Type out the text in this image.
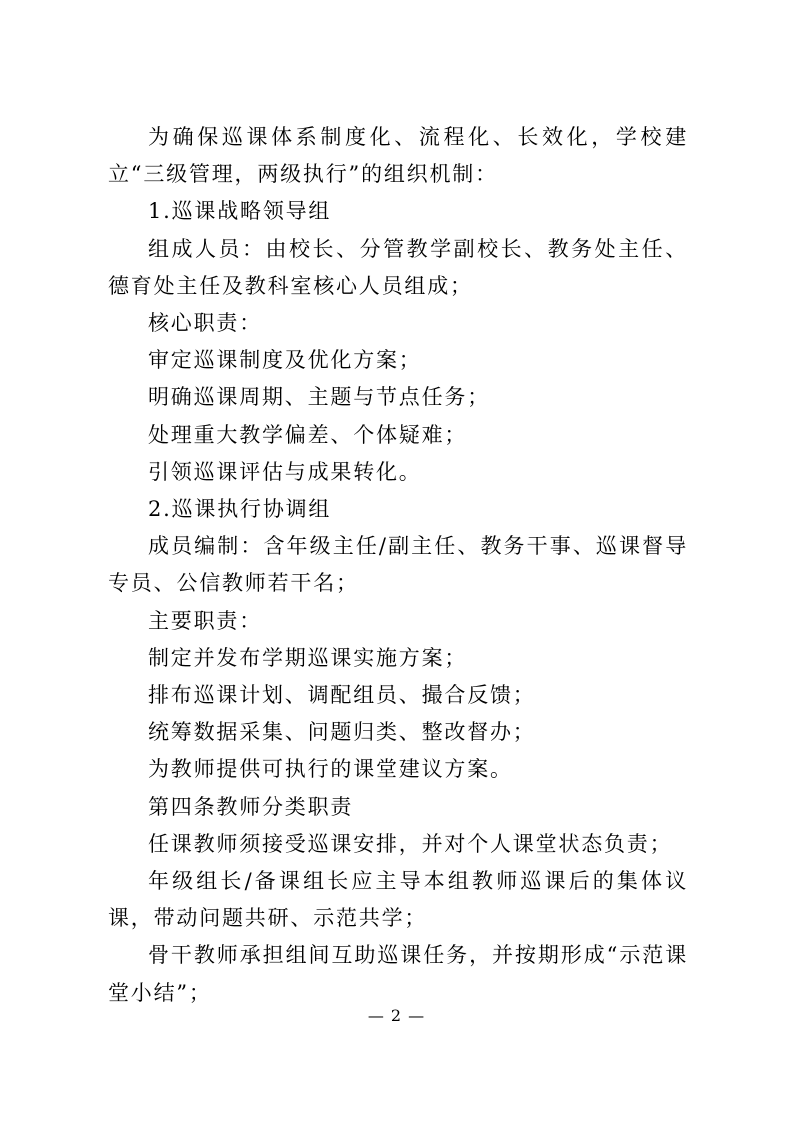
为确保巡课体系制度化、流程化、长效化，学校建立“三级管理，两级执行”的组织机制：

1.巡课战略领导组

组成人员：由校长、分管教学副校长、教务处主任、德育处主任及教科室核心人员组成；

核心职责：

审定巡课制度及优化方案；

明确巡课周期、主题与节点任务；

处理重大教学偏差、个体疑难；

引领巡课评估与成果转化。

2.巡课执行协调组

成员编制：含年级主任/副主任、教务干事、巡课督导专员、公信教师若干名；

主要职责：

制定并发布学期巡课实施方案；

排布巡课计划、调配组员、撮合反馈；

统筹数据采集、问题归类、整改督办；

为教师提供可执行的课堂建议方案。

第四条教师分类职责

任课教师须接受巡课安排，并对个人课堂状态负责；

年级组长/备课组长应主导本组教师巡课后的集体议课，带动问题共研、示范共学；

骨干教师承担组间互助巡课任务，并按期形成“示范课堂小结”；

— 2 —
